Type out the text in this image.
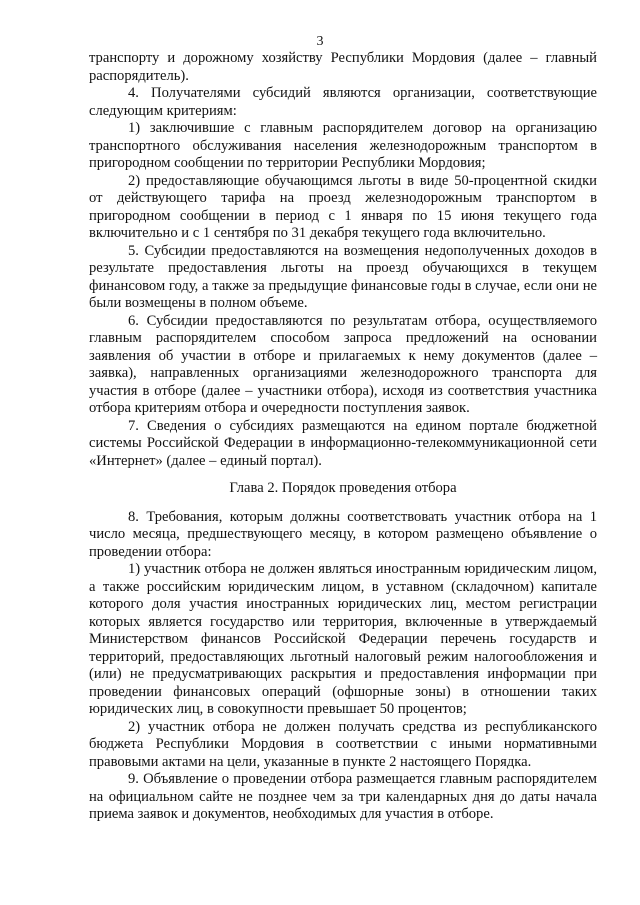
3

транспорту и дорожному хозяйству Республики Мордовия (далее – главный распорядитель).

4. Получателями субсидий являются организации, соответствующие следующим критериям:

1) заключившие с главным распорядителем договор на организацию транспортного обслуживания населения железнодорожным транспортом в пригородном сообщении по территории Республики Мордовия;

2) предоставляющие обучающимся льготы в виде 50-процентной скидки от действующего тарифа на проезд железнодорожным транспортом в пригородном сообщении в период с 1 января по 15 июня текущего года включительно и с 1 сентября по 31 декабря текущего года включительно.

5. Субсидии предоставляются на возмещения недополученных доходов в результате предоставления льготы на проезд обучающихся в текущем финансовом году, а также за предыдущие финансовые годы в случае, если они не были возмещены в полном объеме.

6. Субсидии предоставляются по результатам отбора, осуществляемого главным распорядителем способом запроса предложений на основании заявления об участии в отборе и прилагаемых к нему документов (далее – заявка), направленных организациями железнодорожного транспорта для участия в отборе (далее – участники отбора), исходя из соответствия участника отбора критериям отбора и очередности поступления заявок.

7. Сведения о субсидиях размещаются на едином портале бюджетной системы Российской Федерации в информационно-телекоммуникационной сети «Интернет» (далее – единый портал).

Глава 2. Порядок проведения отбора

8. Требования, которым должны соответствовать участник отбора на 1 число месяца, предшествующего месяцу, в котором размещено объявление о проведении отбора:

1) участник отбора не должен являться иностранным юридическим лицом, а также российским юридическим лицом, в уставном (складочном) капитале которого доля участия иностранных юридических лиц, местом регистрации которых является государство или территория, включенные в утверждаемый Министерством финансов Российской Федерации перечень государств и территорий, предоставляющих льготный налоговый режим налогообложения и (или) не предусматривающих раскрытия и предоставления информации при проведении финансовых операций (офшорные зоны) в отношении таких юридических лиц, в совокупности превышает 50 процентов;

2) участник отбора не должен получать средства из республиканского бюджета Республики Мордовия в соответствии с иными нормативными правовыми актами на цели, указанные в пункте 2 настоящего Порядка.

9. Объявление о проведении отбора размещается главным распорядителем на официальном сайте не позднее чем за три календарных дня до даты начала приема заявок и документов, необходимых для участия в отборе.
